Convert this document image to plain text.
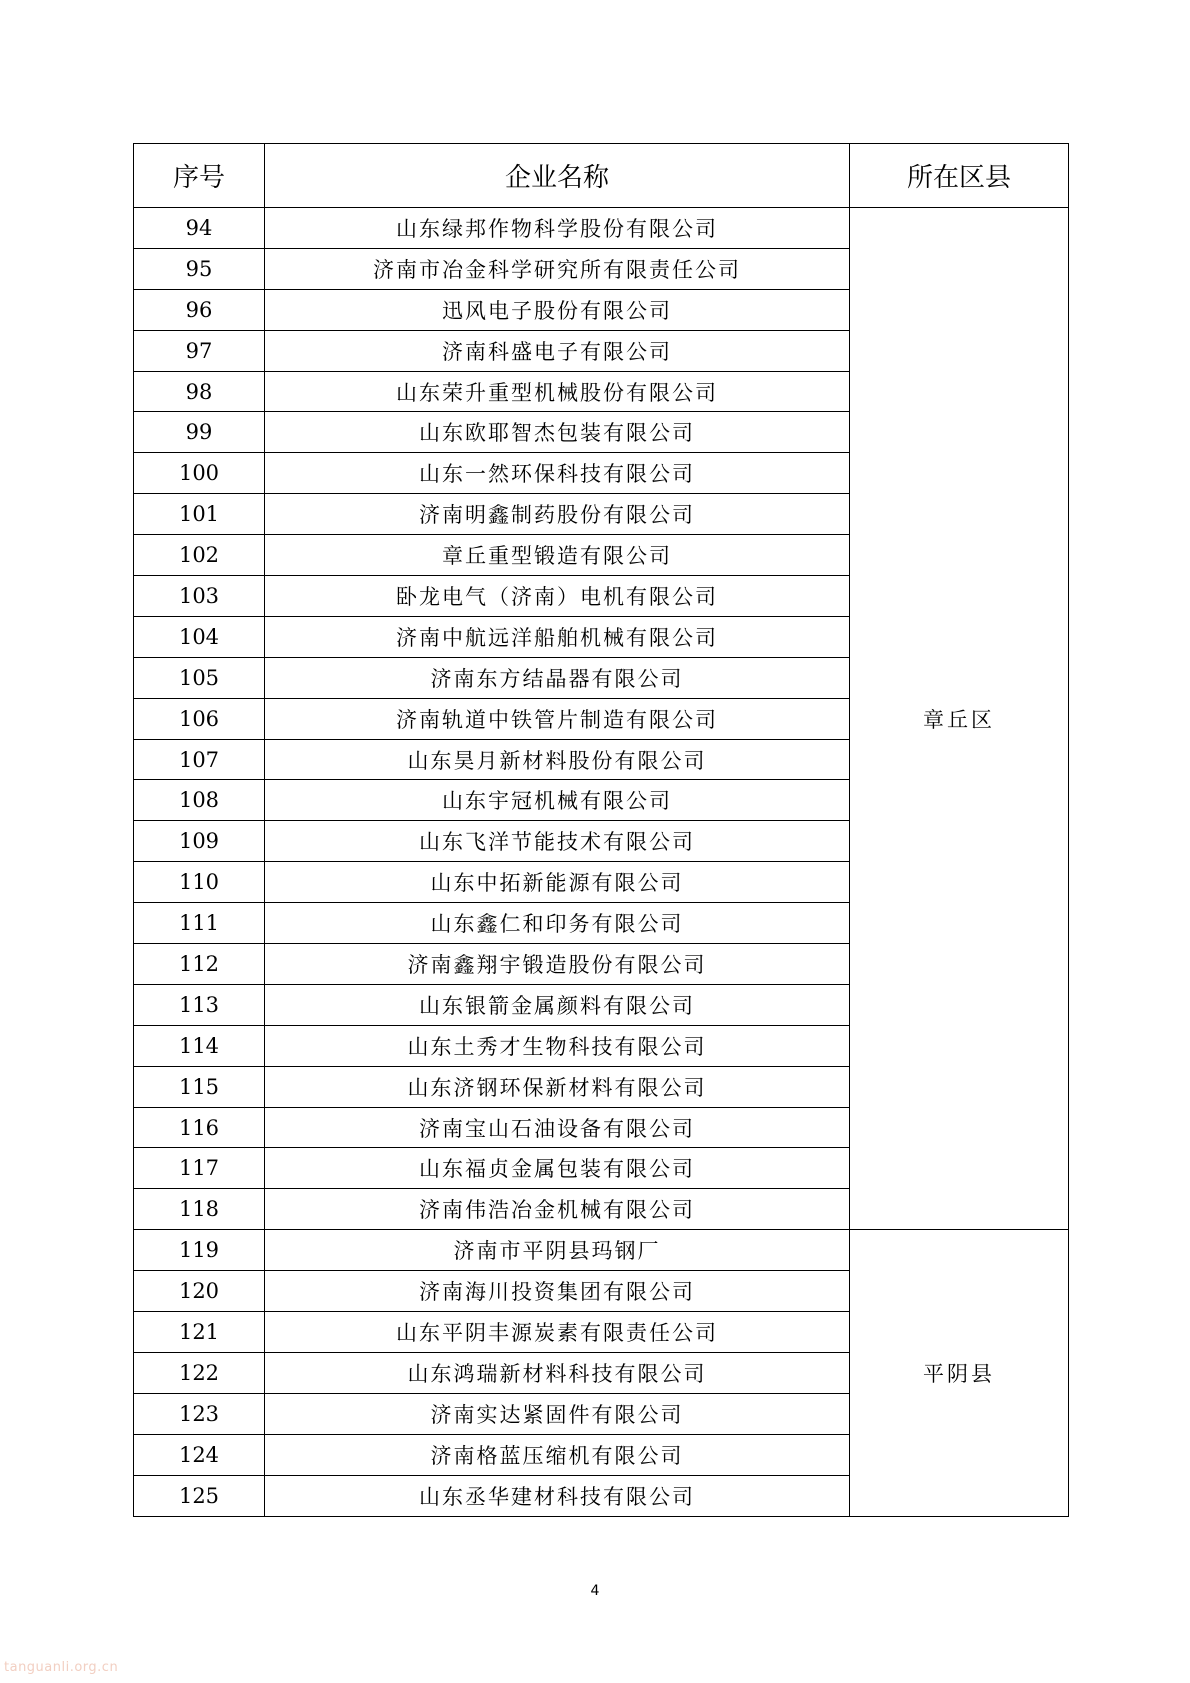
序号	企业名称	所在区县
94	山东绿邦作物科学股份有限公司	章丘区
95	济南市冶金科学研究所有限责任公司	
96	迅风电子股份有限公司	
97	济南科盛电子有限公司	
98	山东荣升重型机械股份有限公司	
99	山东欧耶智杰包装有限公司	
100	山东一然环保科技有限公司	
101	济南明鑫制药股份有限公司	
102	章丘重型锻造有限公司	
103	卧龙电气（济南）电机有限公司	
104	济南中航远洋船舶机械有限公司	
105	济南东方结晶器有限公司	
106	济南轨道中铁管片制造有限公司	
107	山东昊月新材料股份有限公司	
108	山东宇冠机械有限公司	
109	山东飞洋节能技术有限公司	
110	山东中拓新能源有限公司	
111	山东鑫仁和印务有限公司	
112	济南鑫翔宇锻造股份有限公司	
113	山东银箭金属颜料有限公司	
114	山东土秀才生物科技有限公司	
115	山东济钢环保新材料有限公司	
116	济南宝山石油设备有限公司	
117	山东福贞金属包装有限公司	
118	济南伟浩冶金机械有限公司	
119	济南市平阴县玛钢厂	平阴县
120	济南海川投资集团有限公司	
121	山东平阴丰源炭素有限责任公司	
122	山东鸿瑞新材料科技有限公司	
123	济南实达紧固件有限公司	
124	济南格蓝压缩机有限公司	
125	山东丞华建材科技有限公司	
4
tanguanli.org.cn
